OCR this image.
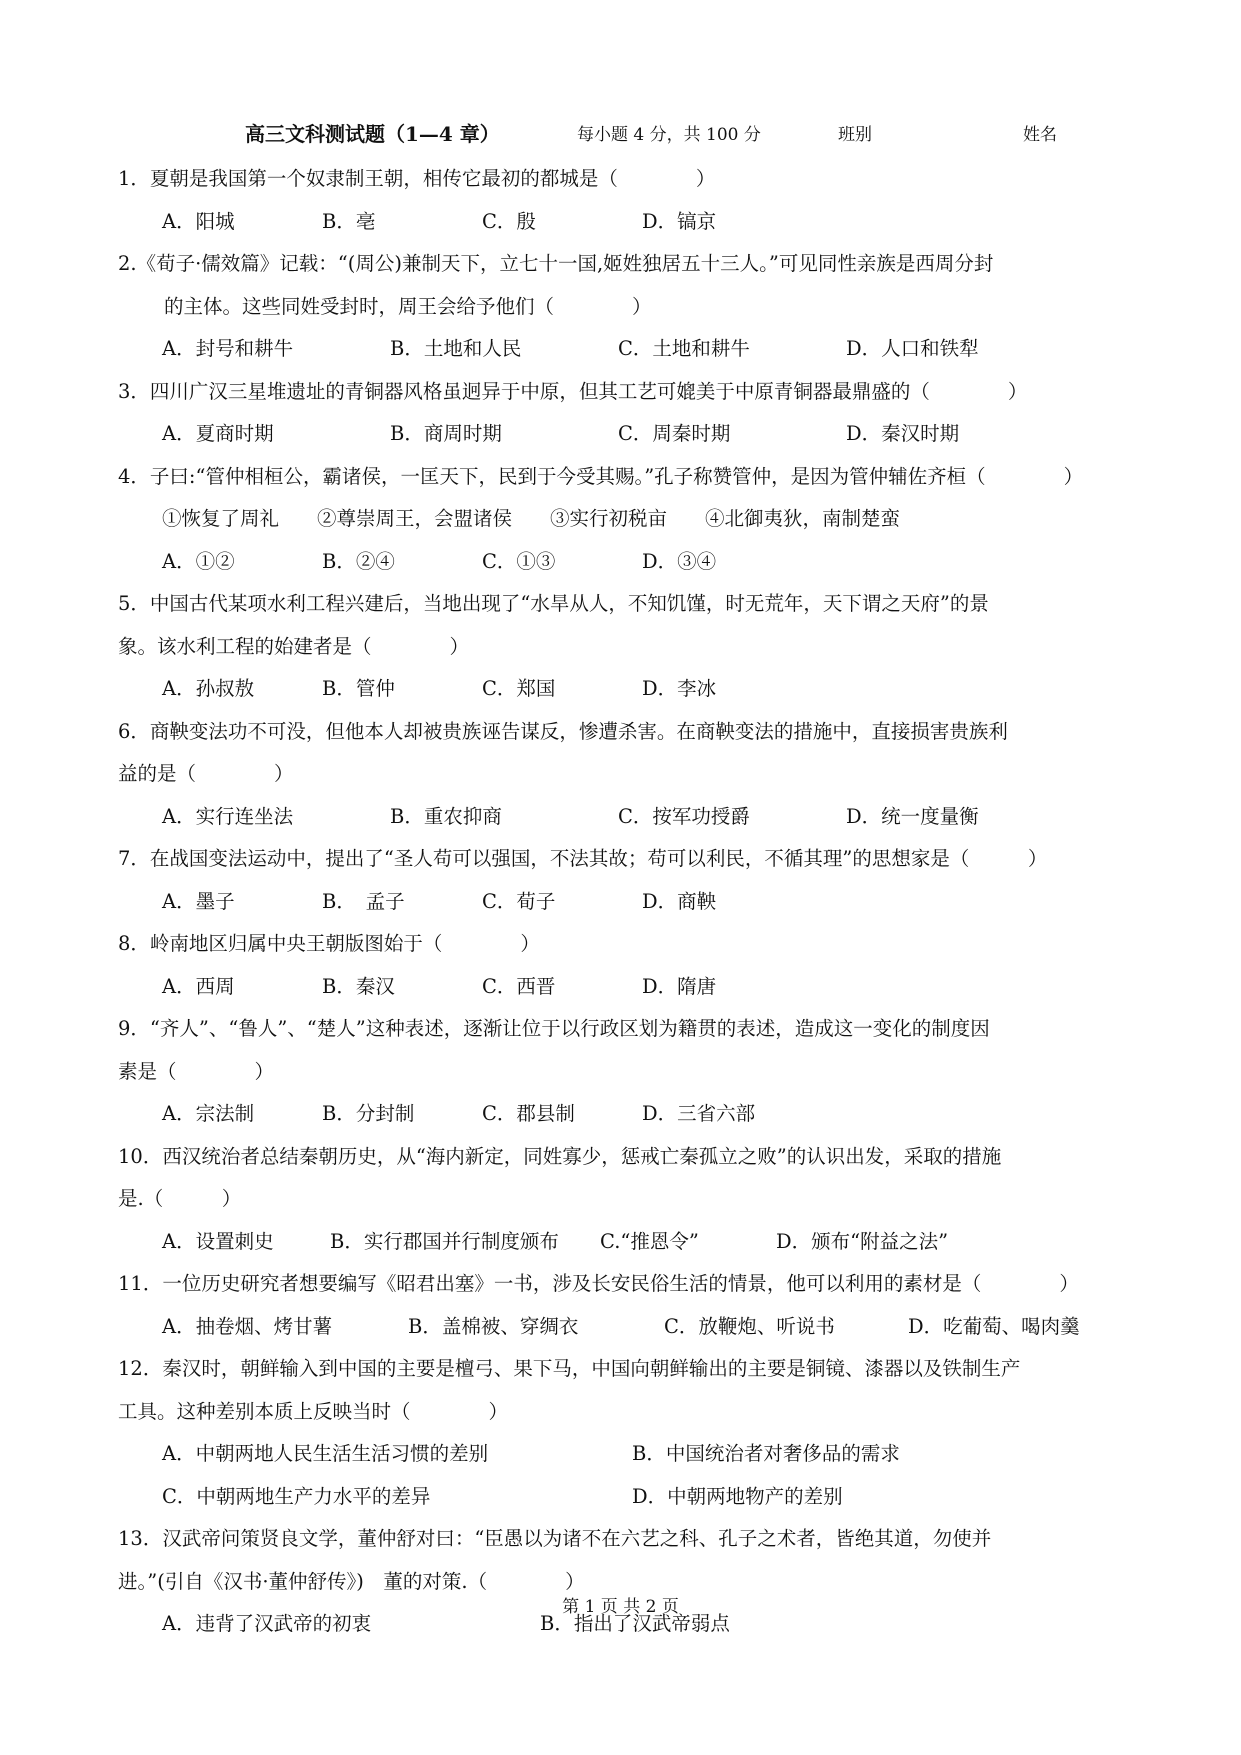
高三文科测试题（1—4 章）	每小题 4 分，共 100 分	班别	姓名
1．夏朝是我国第一个奴隶制王朝，相传它最初的都城是（　　　　）
A．阳城	B．亳	C．殷	D．镐京
2.《荀子·儒效篇》记载：“(周公)兼制天下，立七十一国,姬姓独居五十三人。”可见同性亲族是西周分封
的主体。这些同姓受封时，周王会给予他们（　　　　）
A．封号和耕牛	B．土地和人民	C．土地和耕牛	D．人口和铁犁
3．四川广汉三星堆遗址的青铜器风格虽迥异于中原，但其工艺可媲美于中原青铜器最鼎盛的（　　　　）
A．夏商时期	B．商周时期	C．周秦时期	D．秦汉时期
4．子曰:“管仲相桓公，霸诸侯，一匡天下，民到于今受其赐。”孔子称赞管仲，是因为管仲辅佐齐桓（　　　　）
①恢复了周礼 ②尊崇周王，会盟诸侯 ③实行初税亩 ④北御夷狄，南制楚蛮
A．①②	B．②④	C．①③	D．③④
5．中国古代某项水利工程兴建后，当地出现了“水旱从人，不知饥馑，时无荒年，天下谓之天府”的景
象。该水利工程的始建者是（　　　　）
A．孙叔敖	B．管仲	C．郑国	D．李冰
6．商鞅变法功不可没，但他本人却被贵族诬告谋反，惨遭杀害。在商鞅变法的措施中，直接损害贵族利
益的是（　　　　）
A．实行连坐法	B．重农抑商	C．按军功授爵	D．统一度量衡
7．在战国变法运动中，提出了“圣人苟可以强国，不法其故；苟可以利民，不循其理”的思想家是（　　　）
A．墨子	B．　孟子	C．荀子	D．商鞅
8．岭南地区归属中央王朝版图始于（　　　　）
A．西周	B．秦汉	C．西晋	D．隋唐
9．“齐人”、“鲁人”、“楚人”这种表述，逐渐让位于以行政区划为籍贯的表述，造成这一变化的制度因
素是（　　　　）
A．宗法制	B．分封制	C．郡县制	D．三省六部
10．西汉统治者总结秦朝历史，从“海内新定，同姓寡少，惩戒亡秦孤立之败”的认识出发，采取的措施
是.（　　　）
A．设置刺史	B．实行郡国并行制度颁布 C.“推恩令”	D．颁布“附益之法”
11．一位历史研究者想要编写《昭君出塞》一书，涉及长安民俗生活的情景，他可以利用的素材是（　　　　）
A．抽卷烟、烤甘薯	B．盖棉被、穿绸衣	C．放鞭炮、听说书	D．吃葡萄、喝肉羹
12．秦汉时，朝鲜输入到中国的主要是檀弓、果下马，中国向朝鲜输出的主要是铜镜、漆器以及铁制生产
工具。这种差别本质上反映当时（　　　　）
A．中朝两地人民生活生活习惯的差别	B．中国统治者对奢侈品的需求
C．中朝两地生产力水平的差异	D．中朝两地物产的差别
13．汉武帝问策贤良文学，董仲舒对曰：“臣愚以为诸不在六艺之科、孔子之术者，皆绝其道，勿使并
进。”(引自《汉书·董仲舒传》)　董的对策.（　　　　）
A．违背了汉武帝的初衷	B．指出了汉武帝弱点
第 1 页 共 2 页
